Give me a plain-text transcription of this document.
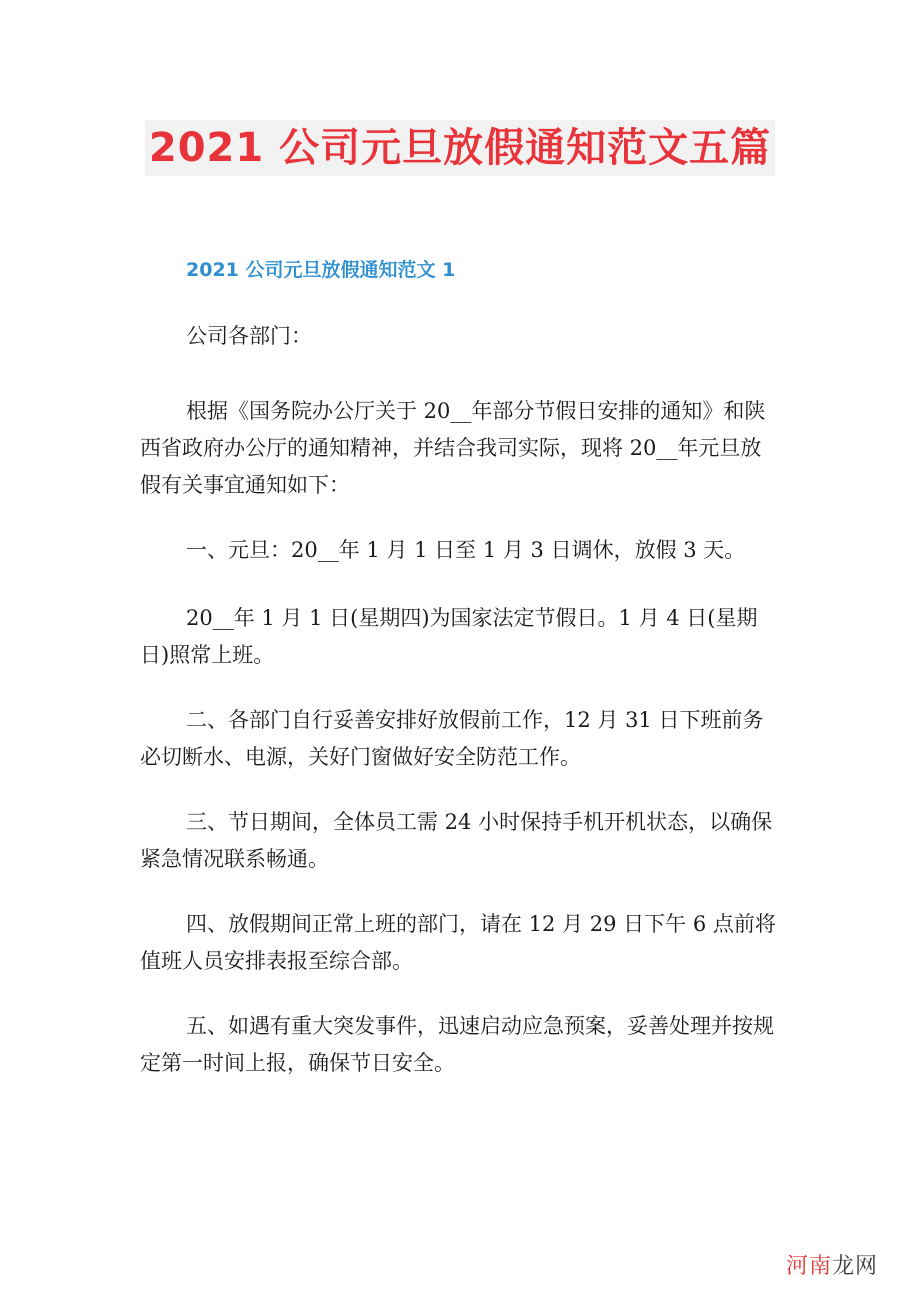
2021 公司元旦放假通知范文五篇
2021 公司元旦放假通知范文 1

公司各部门：

根据《国务院办公厅关于 20__年部分节假日安排的通知》和陕西省政府办公厅的通知精神，并结合我司实际，现将 20__年元旦放假有关事宜通知如下：

一、元旦：20__年 1 月 1 日至 1 月 3 日调休，放假 3 天。

20__年 1 月 1 日(星期四)为国家法定节假日。1 月 4 日(星期日)照常上班。

二、各部门自行妥善安排好放假前工作，12 月 31 日下班前务必切断水、电源，关好门窗做好安全防范工作。

三、节日期间，全体员工需 24 小时保持手机开机状态，以确保紧急情况联系畅通。

四、放假期间正常上班的部门，请在 12 月 29 日下午 6 点前将值班人员安排表报至综合部。

五、如遇有重大突发事件，迅速启动应急预案，妥善处理并按规定第一时间上报，确保节日安全。

河南龙网
